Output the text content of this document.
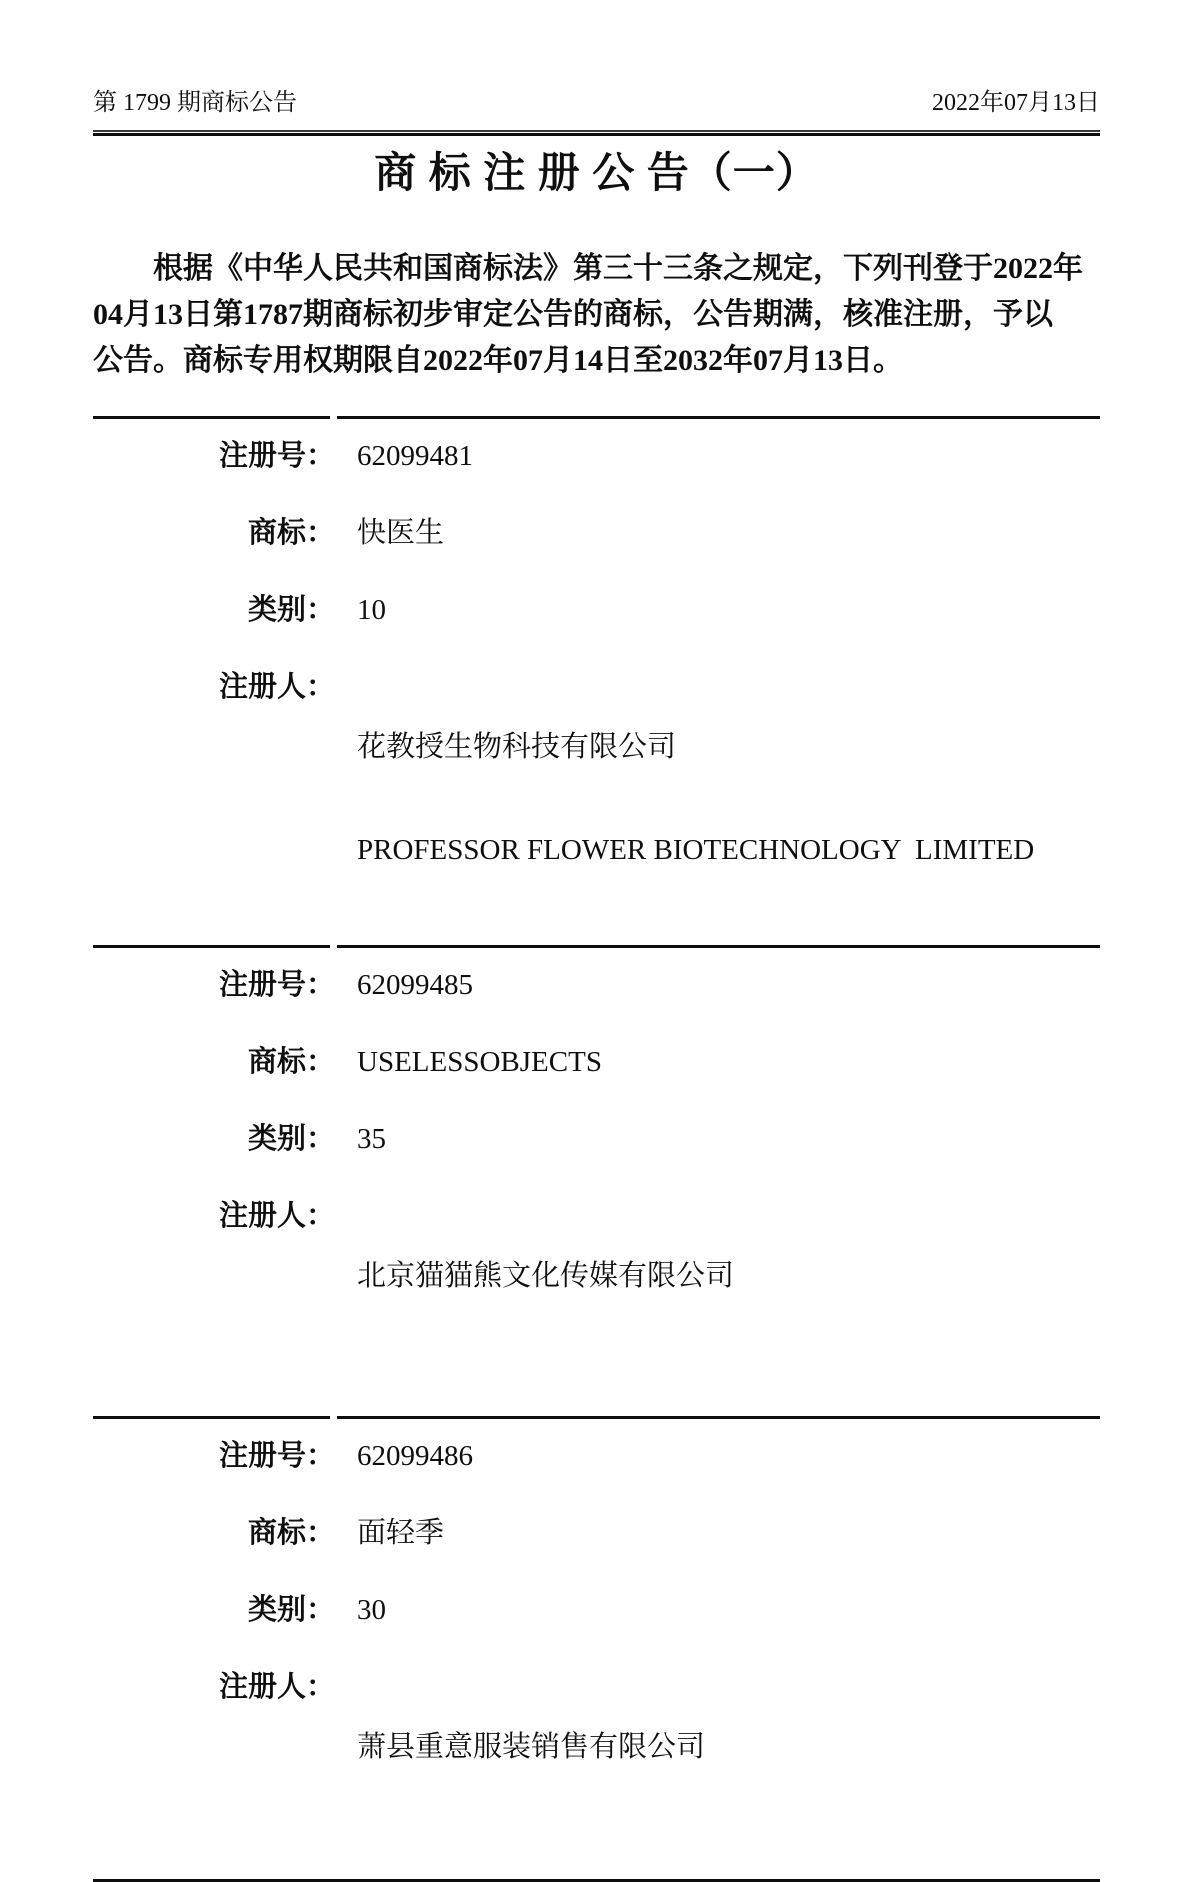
第 1799 期商标公告	2022年07月13日
商 标 注 册 公 告（一）
根据《中华人民共和国商标法》第三十三条之规定，下列刊登于2022年
04月13日第1787期商标初步审定公告的商标，公告期满，核准注册，予以
公告。商标专用权期限自2022年07月14日至2032年07月13日。
注册号： 62099481
商标： 快医生
类别： 10
注册人：

花教授生物科技有限公司

PROFESSOR FLOWER BIOTECHNOLOGY  LIMITED

注册号： 62099485
商标： USELESSOBJECTS
类别： 35
注册人：

北京猫猫熊文化传媒有限公司

注册号： 62099486
商标： 面轻季
类别： 30
注册人：

萧县重意服装销售有限公司
